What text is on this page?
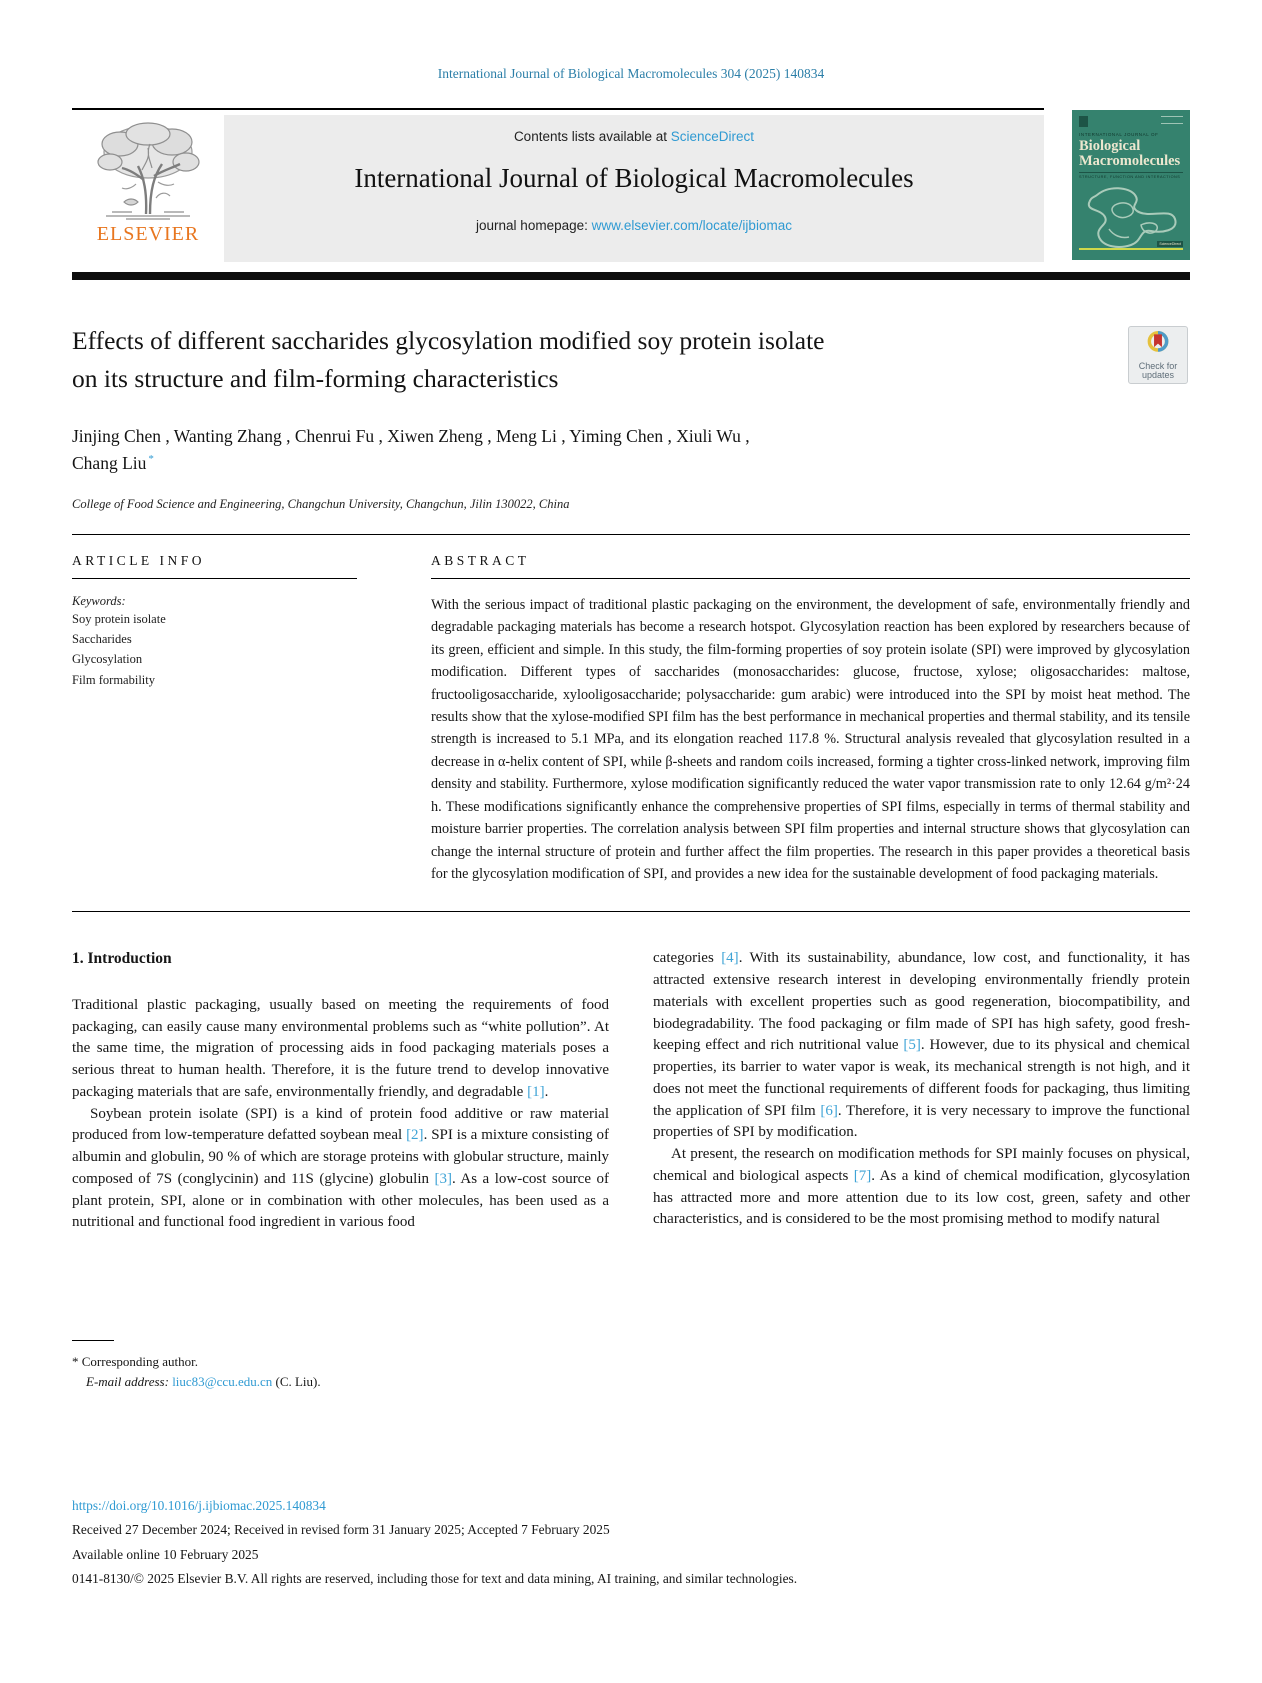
International Journal of Biological Macromolecules 304 (2025) 140834
ELSEVIER
Contents lists available at ScienceDirect
International Journal of Biological Macromolecules
journal homepage: www.elsevier.com/locate/ijbiomac
INTERNATIONAL JOURNAL OF
Biological
Macromolecules
STRUCTURE, FUNCTION AND INTERACTIONS
ScienceDirect
Effects of different saccharides glycosylation modified soy protein isolate
on its structure and film-forming characteristics	Check for updates
Jinjing Chen , Wanting Zhang , Chenrui Fu , Xiwen Zheng , Meng Li , Yiming Chen , Xiuli Wu ,
Chang Liu *
College of Food Science and Engineering, Changchun University, Changchun, Jilin 130022, China
ARTICLE INFO
Keywords:
Soy protein isolate
Saccharides
Glycosylation
Film formability
ABSTRACT
With the serious impact of traditional plastic packaging on the environment, the development of safe, environmentally friendly and degradable packaging materials has become a research hotspot. Glycosylation reaction has been explored by researchers because of its green, efficient and simple. In this study, the film-forming properties of soy protein isolate (SPI) were improved by glycosylation modification. Different types of saccharides (monosaccharides: glucose, fructose, xylose; oligosaccharides: maltose, fructooligosaccharide, xylooligosaccharide; polysaccharide: gum arabic) were introduced into the SPI by moist heat method. The results show that the xylose-modified SPI film has the best performance in mechanical properties and thermal stability, and its tensile strength is increased to 5.1 MPa, and its elongation reached 117.8 %. Structural analysis revealed that glycosylation resulted in a decrease in α-helix content of SPI, while β-sheets and random coils increased, forming a tighter cross-linked network, improving film density and stability. Furthermore, xylose modification significantly reduced the water vapor transmission rate to only 12.64 g/m²·24 h. These modifications significantly enhance the comprehensive properties of SPI films, especially in terms of thermal stability and moisture barrier properties. The correlation analysis between SPI film properties and internal structure shows that glycosylation can change the internal structure of protein and further affect the film properties. The research in this paper provides a theoretical basis for the glycosylation modification of SPI, and provides a new idea for the sustainable development of food packaging materials.
1. Introduction

Traditional plastic packaging, usually based on meeting the requirements of food packaging, can easily cause many environmental problems such as “white pollution”. At the same time, the migration of processing aids in food packaging materials poses a serious threat to human health. Therefore, it is the future trend to develop innovative packaging materials that are safe, environmentally friendly, and degradable [1].

Soybean protein isolate (SPI) is a kind of protein food additive or raw material produced from low-temperature defatted soybean meal [2]. SPI is a mixture consisting of albumin and globulin, 90 % of which are storage proteins with globular structure, mainly composed of 7S (conglycinin) and 11S (glycine) globulin [3]. As a low-cost source of plant protein, SPI, alone or in combination with other molecules, has been used as a nutritional and functional food ingredient in various food

categories [4]. With its sustainability, abundance, low cost, and functionality, it has attracted extensive research interest in developing environmentally friendly protein materials with excellent properties such as good regeneration, biocompatibility, and biodegradability. The food packaging or film made of SPI has high safety, good fresh-keeping effect and rich nutritional value [5]. However, due to its physical and chemical properties, its barrier to water vapor is weak, its mechanical strength is not high, and it does not meet the functional requirements of different foods for packaging, thus limiting the application of SPI film [6]. Therefore, it is very necessary to improve the functional properties of SPI by modification.

At present, the research on modification methods for SPI mainly focuses on physical, chemical and biological aspects [7]. As a kind of chemical modification, glycosylation has attracted more and more attention due to its low cost, green, safety and other characteristics, and is considered to be the most promising method to modify natural

* Corresponding author.
E-mail address: liuc83@ccu.edu.cn (C. Liu).
https://doi.org/10.1016/j.ijbiomac.2025.140834
Received 27 December 2024; Received in revised form 31 January 2025; Accepted 7 February 2025
Available online 10 February 2025
0141-8130/© 2025 Elsevier B.V. All rights are reserved, including those for text and data mining, AI training, and similar technologies.
